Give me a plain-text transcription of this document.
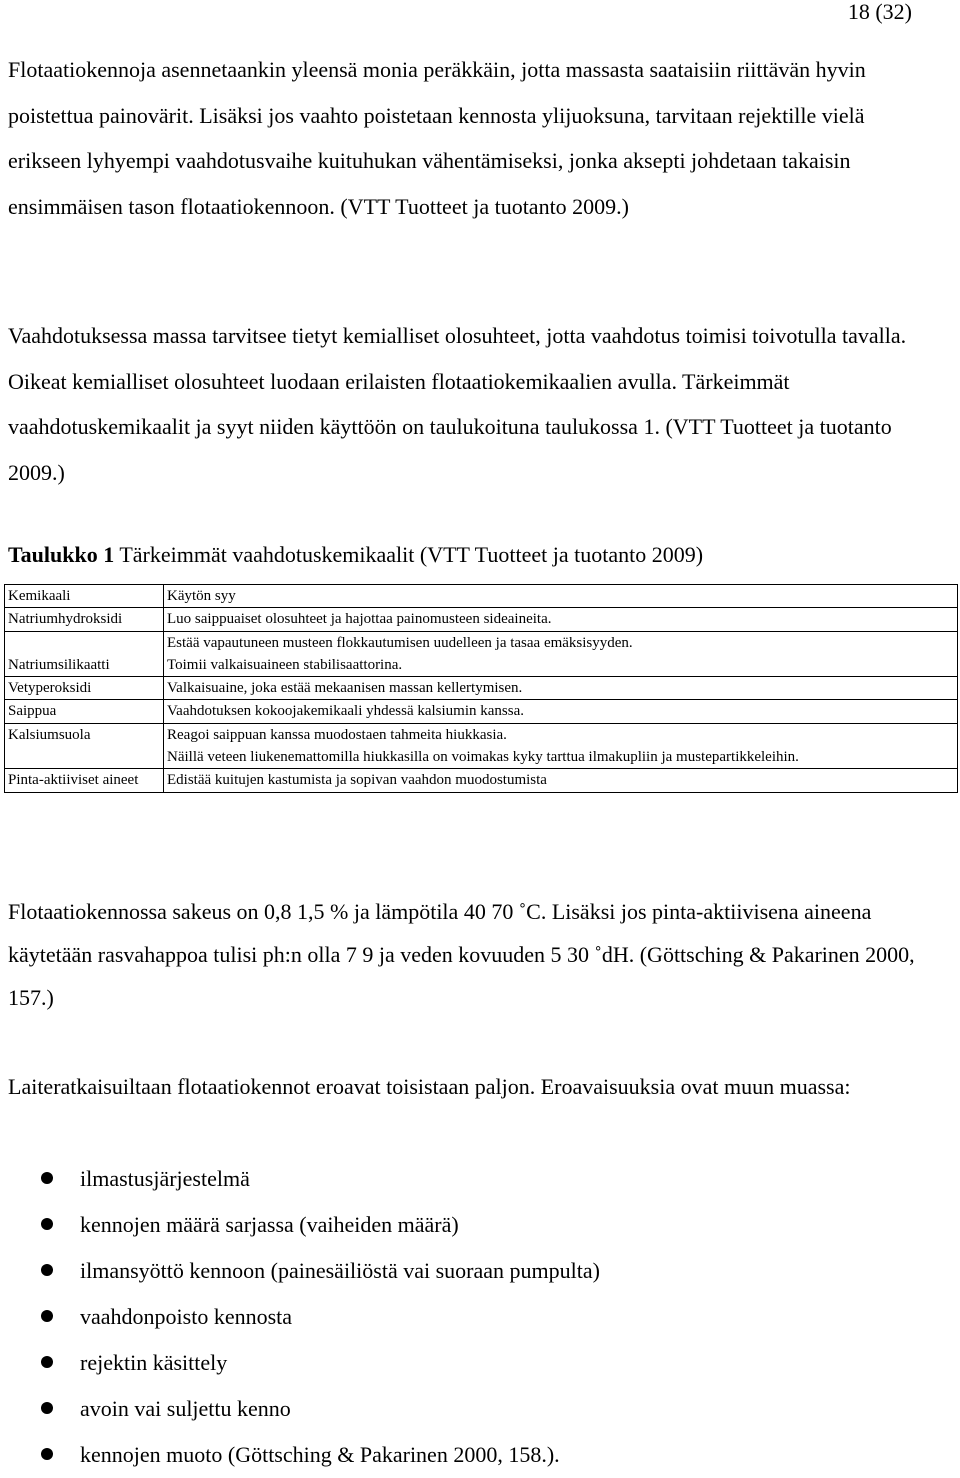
18 (32)

Flotaatiokennoja asennetaankin yleensä monia peräkkäin, jotta massasta saataisiin riittävän hyvin poistettua painovärit. Lisäksi jos vaahto poistetaan kennosta ylijuoksuna, tarvitaan rejektille vielä erikseen lyhyempi vaahdotusvaihe kuituhukan vähentämiseksi, jonka aksepti johdetaan takaisin ensimmäisen tason flotaatiokennoon. (VTT Tuotteet ja tuotanto 2009.)

Vaahdotuksessa massa tarvitsee tietyt kemialliset olosuhteet, jotta vaahdotus toimisi toivotulla tavalla. Oikeat kemialliset olosuhteet luodaan erilaisten flotaatiokemikaalien avulla. Tärkeimmät vaahdotuskemikaalit ja syyt niiden käyttöön on taulukoituna taulukossa 1. (VTT Tuotteet ja tuotanto 2009.)

Taulukko 1 Tärkeimmät vaahdotuskemikaalit (VTT Tuotteet ja tuotanto 2009)

Kemikaali	Käytön syy
Natriumhydroksidi	Luo saippuaiset olosuhteet ja hajottaa painomusteen sideaineita.

Natriumsilikaatti	Estää vapautuneen musteen flokkautumisen uudelleen ja tasaa emäksisyyden.
Toimii valkaisuaineen stabilisaattorina.

Vetyperoksidi	Valkaisuaine, joka estää mekaanisen massan kellertymisen.

Saippua	Vaahdotuksen kokoojakemikaali yhdessä kalsiumin kanssa.

Kalsiumsuola	Reagoi saippuan kanssa muodostaen tahmeita hiukkasia.
Näillä veteen liukenemattomilla hiukkasilla on voimakas kyky tarttua ilmakupliin ja mustepartikkeleihin.

Pinta-aktiiviset aineet	Edistää kuitujen kastumista ja sopivan vaahdon muodostumista

Flotaatiokennossa sakeus on 0,8 1,5 % ja lämpötila 40 70 ˚C. Lisäksi jos pinta-aktiivisena aineena käytetään rasvahappoa tulisi ph:n olla 7 9 ja veden kovuuden 5 30 ˚dH. (Göttsching & Pakarinen 2000, 157.)

Laiteratkaisuiltaan flotaatiokennot eroavat toisistaan paljon. Eroavaisuuksia ovat muun muassa:

ilmastusjärjestelmä
kennojen määrä sarjassa (vaiheiden määrä)
ilmansyöttö kennoon (painesäiliöstä vai suoraan pumpulta)
vaahdonpoisto kennosta
rejektin käsittely
avoin vai suljettu kenno
kennojen muoto (Göttsching & Pakarinen 2000, 158.).
